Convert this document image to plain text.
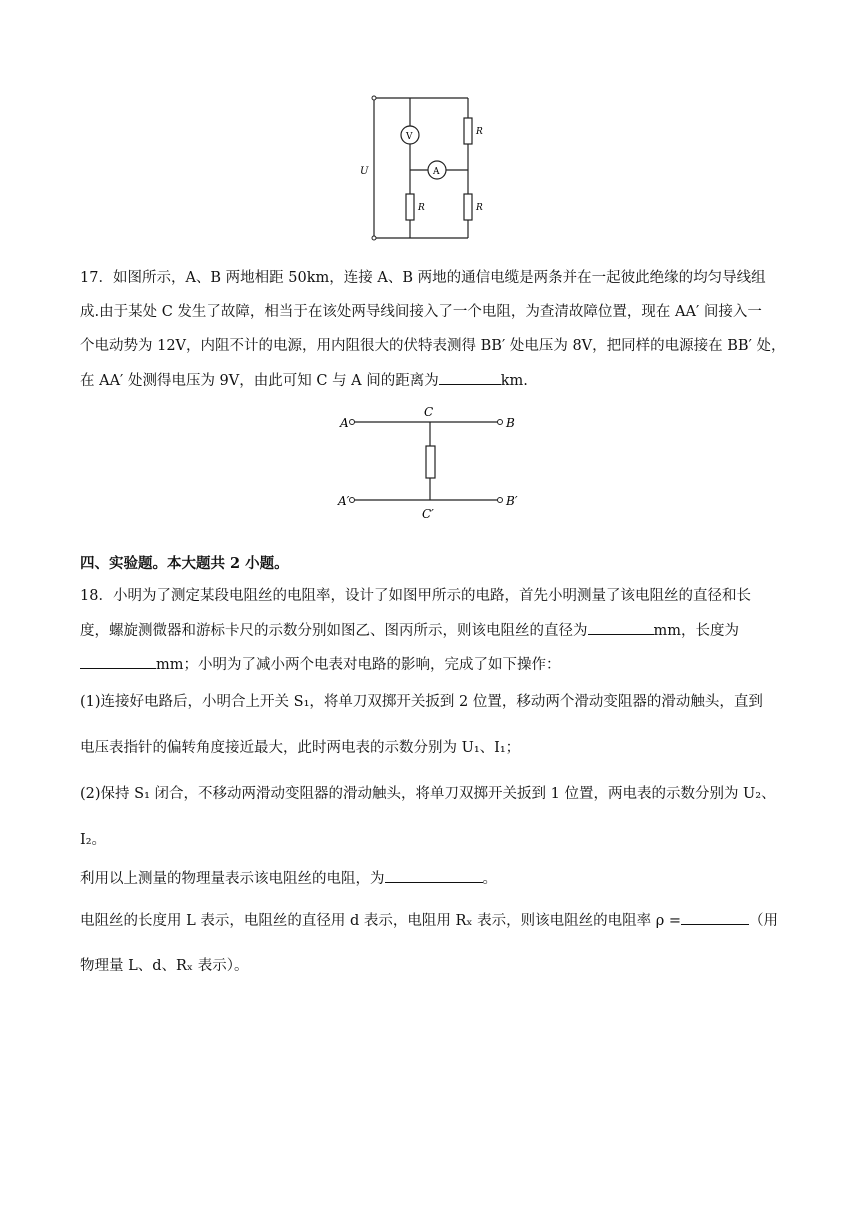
U
V
A
R
R	R
17．如图所示，A、B 两地相距 50km，连接 A、B 两地的通信电缆是两条并在一起彼此绝缘的均匀导线组
成.由于某处 C 发生了故障，相当于在该处两导线间接入了一个电阻，为查清故障位置，现在 AA′ 间接入一
个电动势为 12V，内阻不计的电源，用内阻很大的伏特表测得 BB′ 处电压为 8V，把同样的电源接在 BB′ 处，
在 AA′ 处测得电压为 9V，由此可知 C 与 A 间的距离为	km.
A	B
C
A′	B′
C′
四、实验题。本大题共 2 小题。
18．小明为了测定某段电阻丝的电阻率，设计了如图甲所示的电路，首先小明测量了该电阻丝的直径和长
度，螺旋测微器和游标卡尺的示数分别如图乙、图丙所示，则该电阻丝的直径为	mm，长度为
mm；小明为了减小两个电表对电路的影响，完成了如下操作：
(1)连接好电路后，小明合上开关 S₁，将单刀双掷开关扳到 2 位置，移动两个滑动变阻器的滑动触头，直到
电压表指针的偏转角度接近最大，此时两电表的示数分别为 U₁、I₁；
(2)保持 S₁ 闭合，不移动两滑动变阻器的滑动触头，将单刀双掷开关扳到 1 位置，两电表的示数分别为 U₂、
I₂。
利用以上测量的物理量表示该电阻丝的电阻，为	。
电阻丝的长度用 L 表示，电阻丝的直径用 d 表示，电阻用 Rₓ 表示，则该电阻丝的电阻率 ρ =	（用
物理量 L、d、Rₓ 表示）。
